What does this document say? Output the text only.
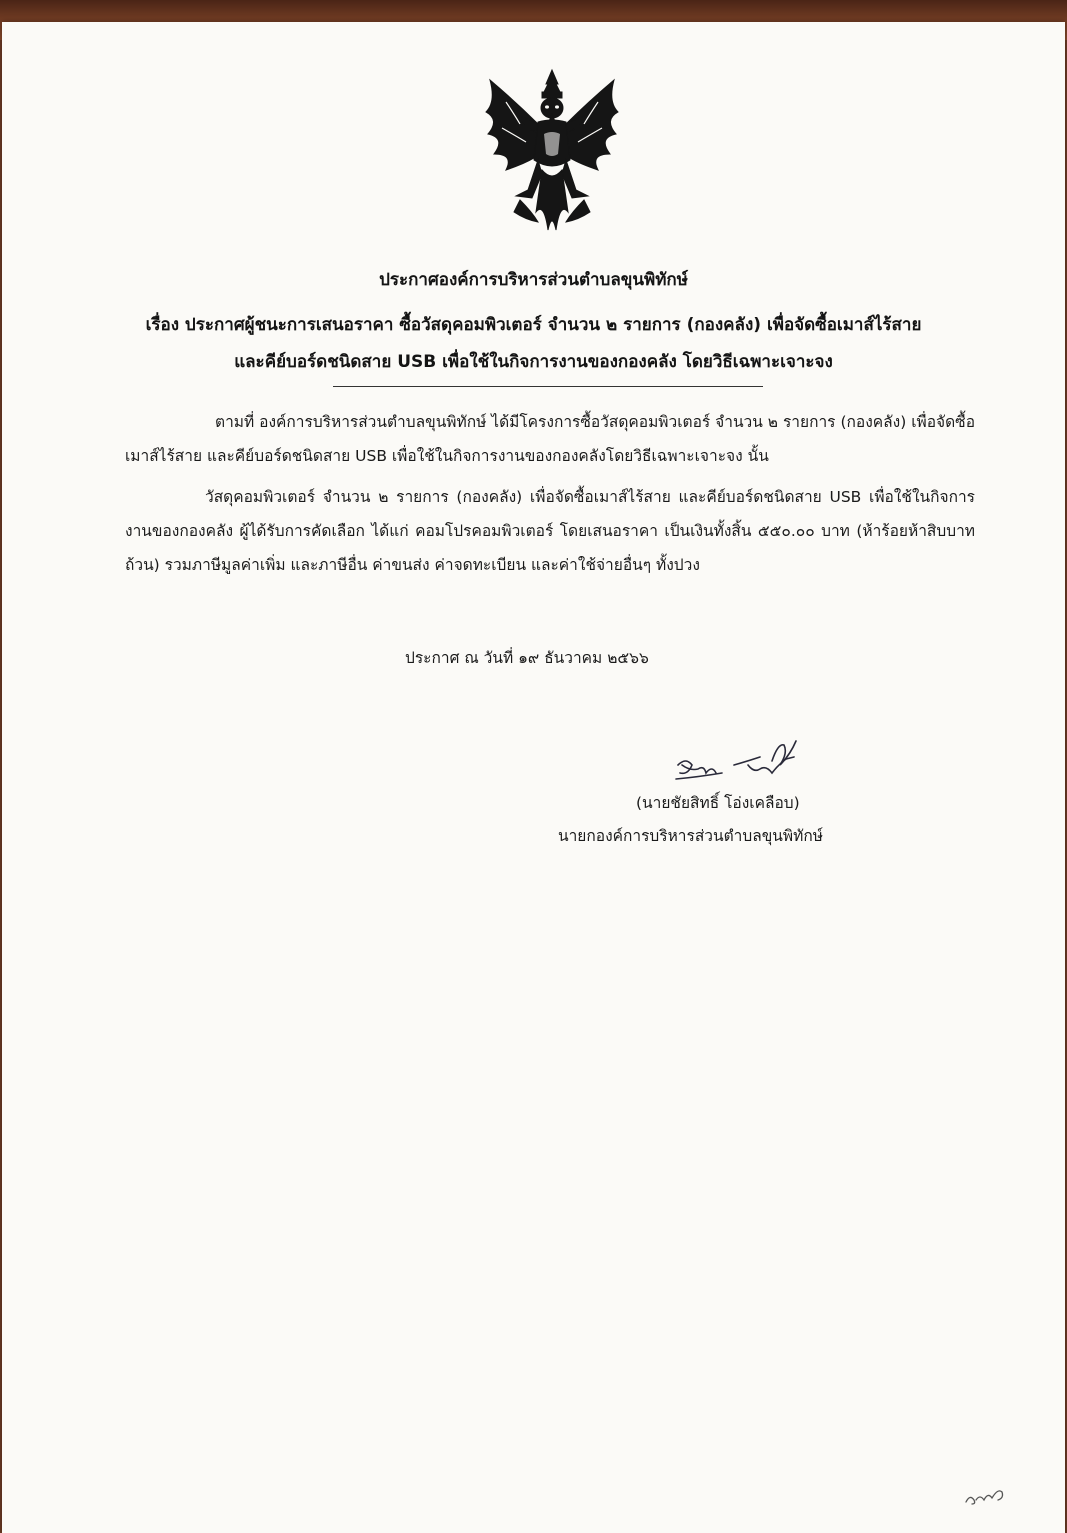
ประกาศองค์การบริหารส่วนตำบลขุนพิทักษ์
เรื่อง ประกาศผู้ชนะการเสนอราคา ซื้อวัสดุคอมพิวเตอร์ จำนวน ๒ รายการ (กองคลัง) เพื่อจัดซื้อเมาส์ไร้สาย
และคีย์บอร์ดชนิดสาย USB เพื่อใช้ในกิจการงานของกองคลัง โดยวิธีเฉพาะเจาะจง
ตามที่ องค์การบริหารส่วนตำบลขุนพิทักษ์ ได้มีโครงการซื้อวัสดุคอมพิวเตอร์ จำนวน ๒ รายการ (กองคลัง) เพื่อจัดซื้อเมาส์ไร้สาย และคีย์บอร์ดชนิดสาย USB เพื่อใช้ในกิจการงานของกองคลังโดยวิธีเฉพาะเจาะจง นั้น
วัสดุคอมพิวเตอร์ จำนวน ๒ รายการ (กองคลัง) เพื่อจัดซื้อเมาส์ไร้สาย และคีย์บอร์ดชนิดสาย USB เพื่อใช้ในกิจการงานของกองคลัง ผู้ได้รับการคัดเลือก ได้แก่ คอมโปรคอมพิวเตอร์ โดยเสนอราคา เป็นเงินทั้งสิ้น ๕๕๐.๐๐ บาท (ห้าร้อยห้าสิบบาทถ้วน) รวมภาษีมูลค่าเพิ่ม และภาษีอื่น ค่าขนส่ง ค่าจดทะเบียน และค่าใช้จ่ายอื่นๆ ทั้งปวง
ประกาศ ณ วันที่ ๑๙ ธันวาคม ๒๕๖๖
(นายชัยสิทธิ์ โอ่งเคลือบ)
นายกองค์การบริหารส่วนตำบลขุนพิทักษ์
